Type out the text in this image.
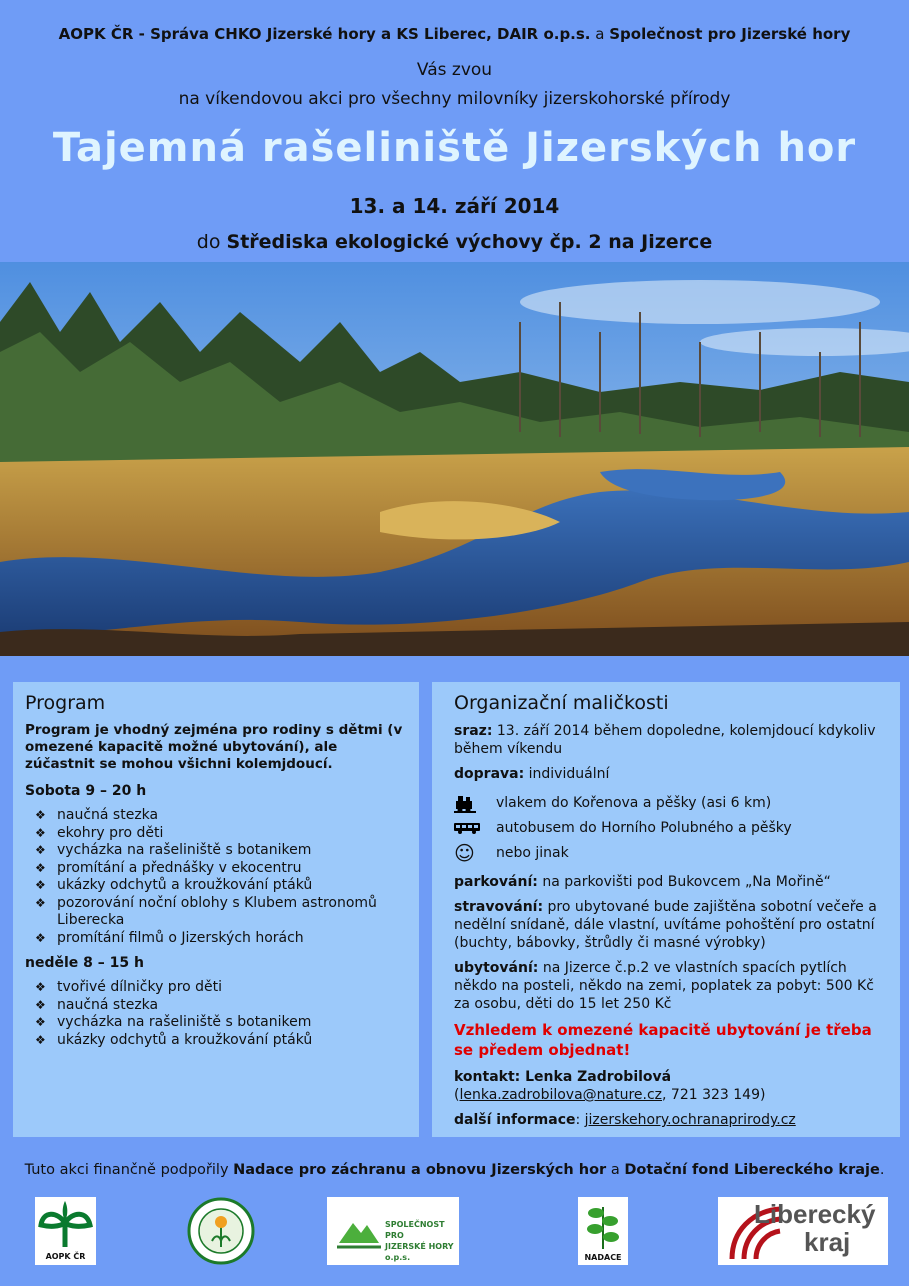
AOPK ČR - Správa CHKO Jizerské hory a KS Liberec, DAIR o.p.s. a Společnost pro Jizerské hory
Vás zvou
na víkendovou akci pro všechny milovníky jizerskohorské přírody
Tajemná rašeliniště Jizerských hor
13. a 14. září 2014
do Střediska ekologické výchovy čp. 2 na Jizerce
Program
Program je vhodný zejména pro rodiny s dětmi (v omezené kapacitě možné ubytování), ale zúčastnit se mohou všichni kolemjdoucí.
Sobota 9 – 20 h
❖ naučná stezka
❖ ekohry pro děti
❖ vycházka na rašeliniště s botanikem
❖ promítání a přednášky v ekocentru
❖ ukázky odchytů a kroužkování ptáků
❖ pozorování noční oblohy s Klubem astronomů Liberecka
❖ promítání filmů o Jizerských horách
neděle 8 – 15 h
❖ tvořivé dílničky pro děti
❖ naučná stezka
❖ vycházka na rašeliniště s botanikem
❖ ukázky odchytů a kroužkování ptáků
Organizační maličkosti
sraz: 13. září 2014 během dopoledne, kolemjdoucí kdykoliv během víkendu
doprava: individuální
vlakem do Kořenova a pěšky (asi 6 km)
autobusem do Horního Polubného a pěšky
☺	nebo jinak
parkování: na parkovišti pod Bukovcem „Na Mořině“
stravování: pro ubytované bude zajištěna sobotní večeře a nedělní snídaně, dále vlastní, uvítáme pohoštění pro ostatní (buchty, bábovky, štrůdly či masné výrobky)
ubytování: na Jizerce č.p.2 ve vlastních spacích pytlích někdo na posteli, někdo na zemi, poplatek za pobyt: 500 Kč za osobu, děti do 15 let 250 Kč
Vzhledem k omezené kapacitě ubytování je třeba se předem objednat!
kontakt: Lenka Zadrobilová (lenka.zadrobilova@nature.cz, 721 323 149)
další informace: jizerskehory.ochranaprirody.cz
Tuto akci finančně podpořily Nadace pro záchranu a obnovu Jizerských hor a Dotační fond Libereckého kraje.
AOPK ČR
SPOLEČNOST PRO
JIZERSKÉ HORY o.p.s.	NADACE
Liberecký
kraj
